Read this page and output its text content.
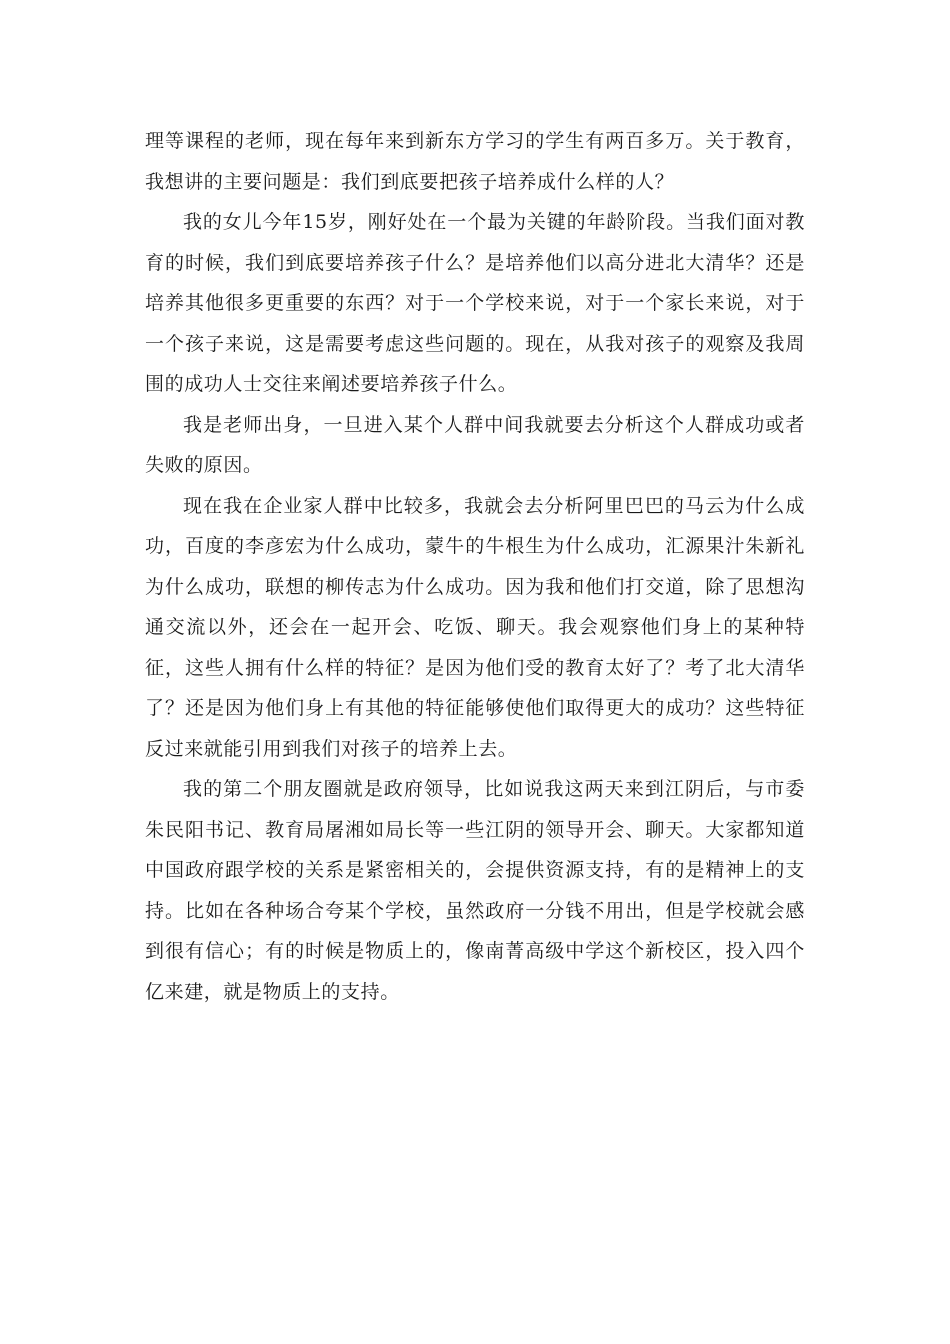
理等课程的老师，现在每年来到新东方学习的学生有两百多万。关于教育，我想讲的主要问题是：我们到底要把孩子培养成什么样的人？

我的女儿今年15岁，刚好处在一个最为关键的年龄阶段。当我们面对教育的时候，我们到底要培养孩子什么？是培养他们以高分进北大清华？还是培养其他很多更重要的东西？对于一个学校来说，对于一个家长来说，对于一个孩子来说，这是需要考虑这些问题的。现在，从我对孩子的观察及我周围的成功人士交往来阐述要培养孩子什么。

我是老师出身，一旦进入某个人群中间我就要去分析这个人群成功或者失败的原因。

现在我在企业家人群中比较多，我就会去分析阿里巴巴的马云为什么成功，百度的李彦宏为什么成功，蒙牛的牛根生为什么成功，汇源果汁朱新礼为什么成功，联想的柳传志为什么成功。因为我和他们打交道，除了思想沟通交流以外，还会在一起开会、吃饭、聊天。我会观察他们身上的某种特征，这些人拥有什么样的特征？是因为他们受的教育太好了？考了北大清华了？还是因为他们身上有其他的特征能够使他们取得更大的成功？这些特征反过来就能引用到我们对孩子的培养上去。

我的第二个朋友圈就是政府领导，比如说我这两天来到江阴后，与市委朱民阳书记、教育局屠湘如局长等一些江阴的领导开会、聊天。大家都知道中国政府跟学校的关系是紧密相关的，会提供资源支持，有的是精神上的支持。比如在各种场合夸某个学校，虽然政府一分钱不用出，但是学校就会感到很有信心；有的时候是物质上的，像南菁高级中学这个新校区，投入四个亿来建，就是物质上的支持。
